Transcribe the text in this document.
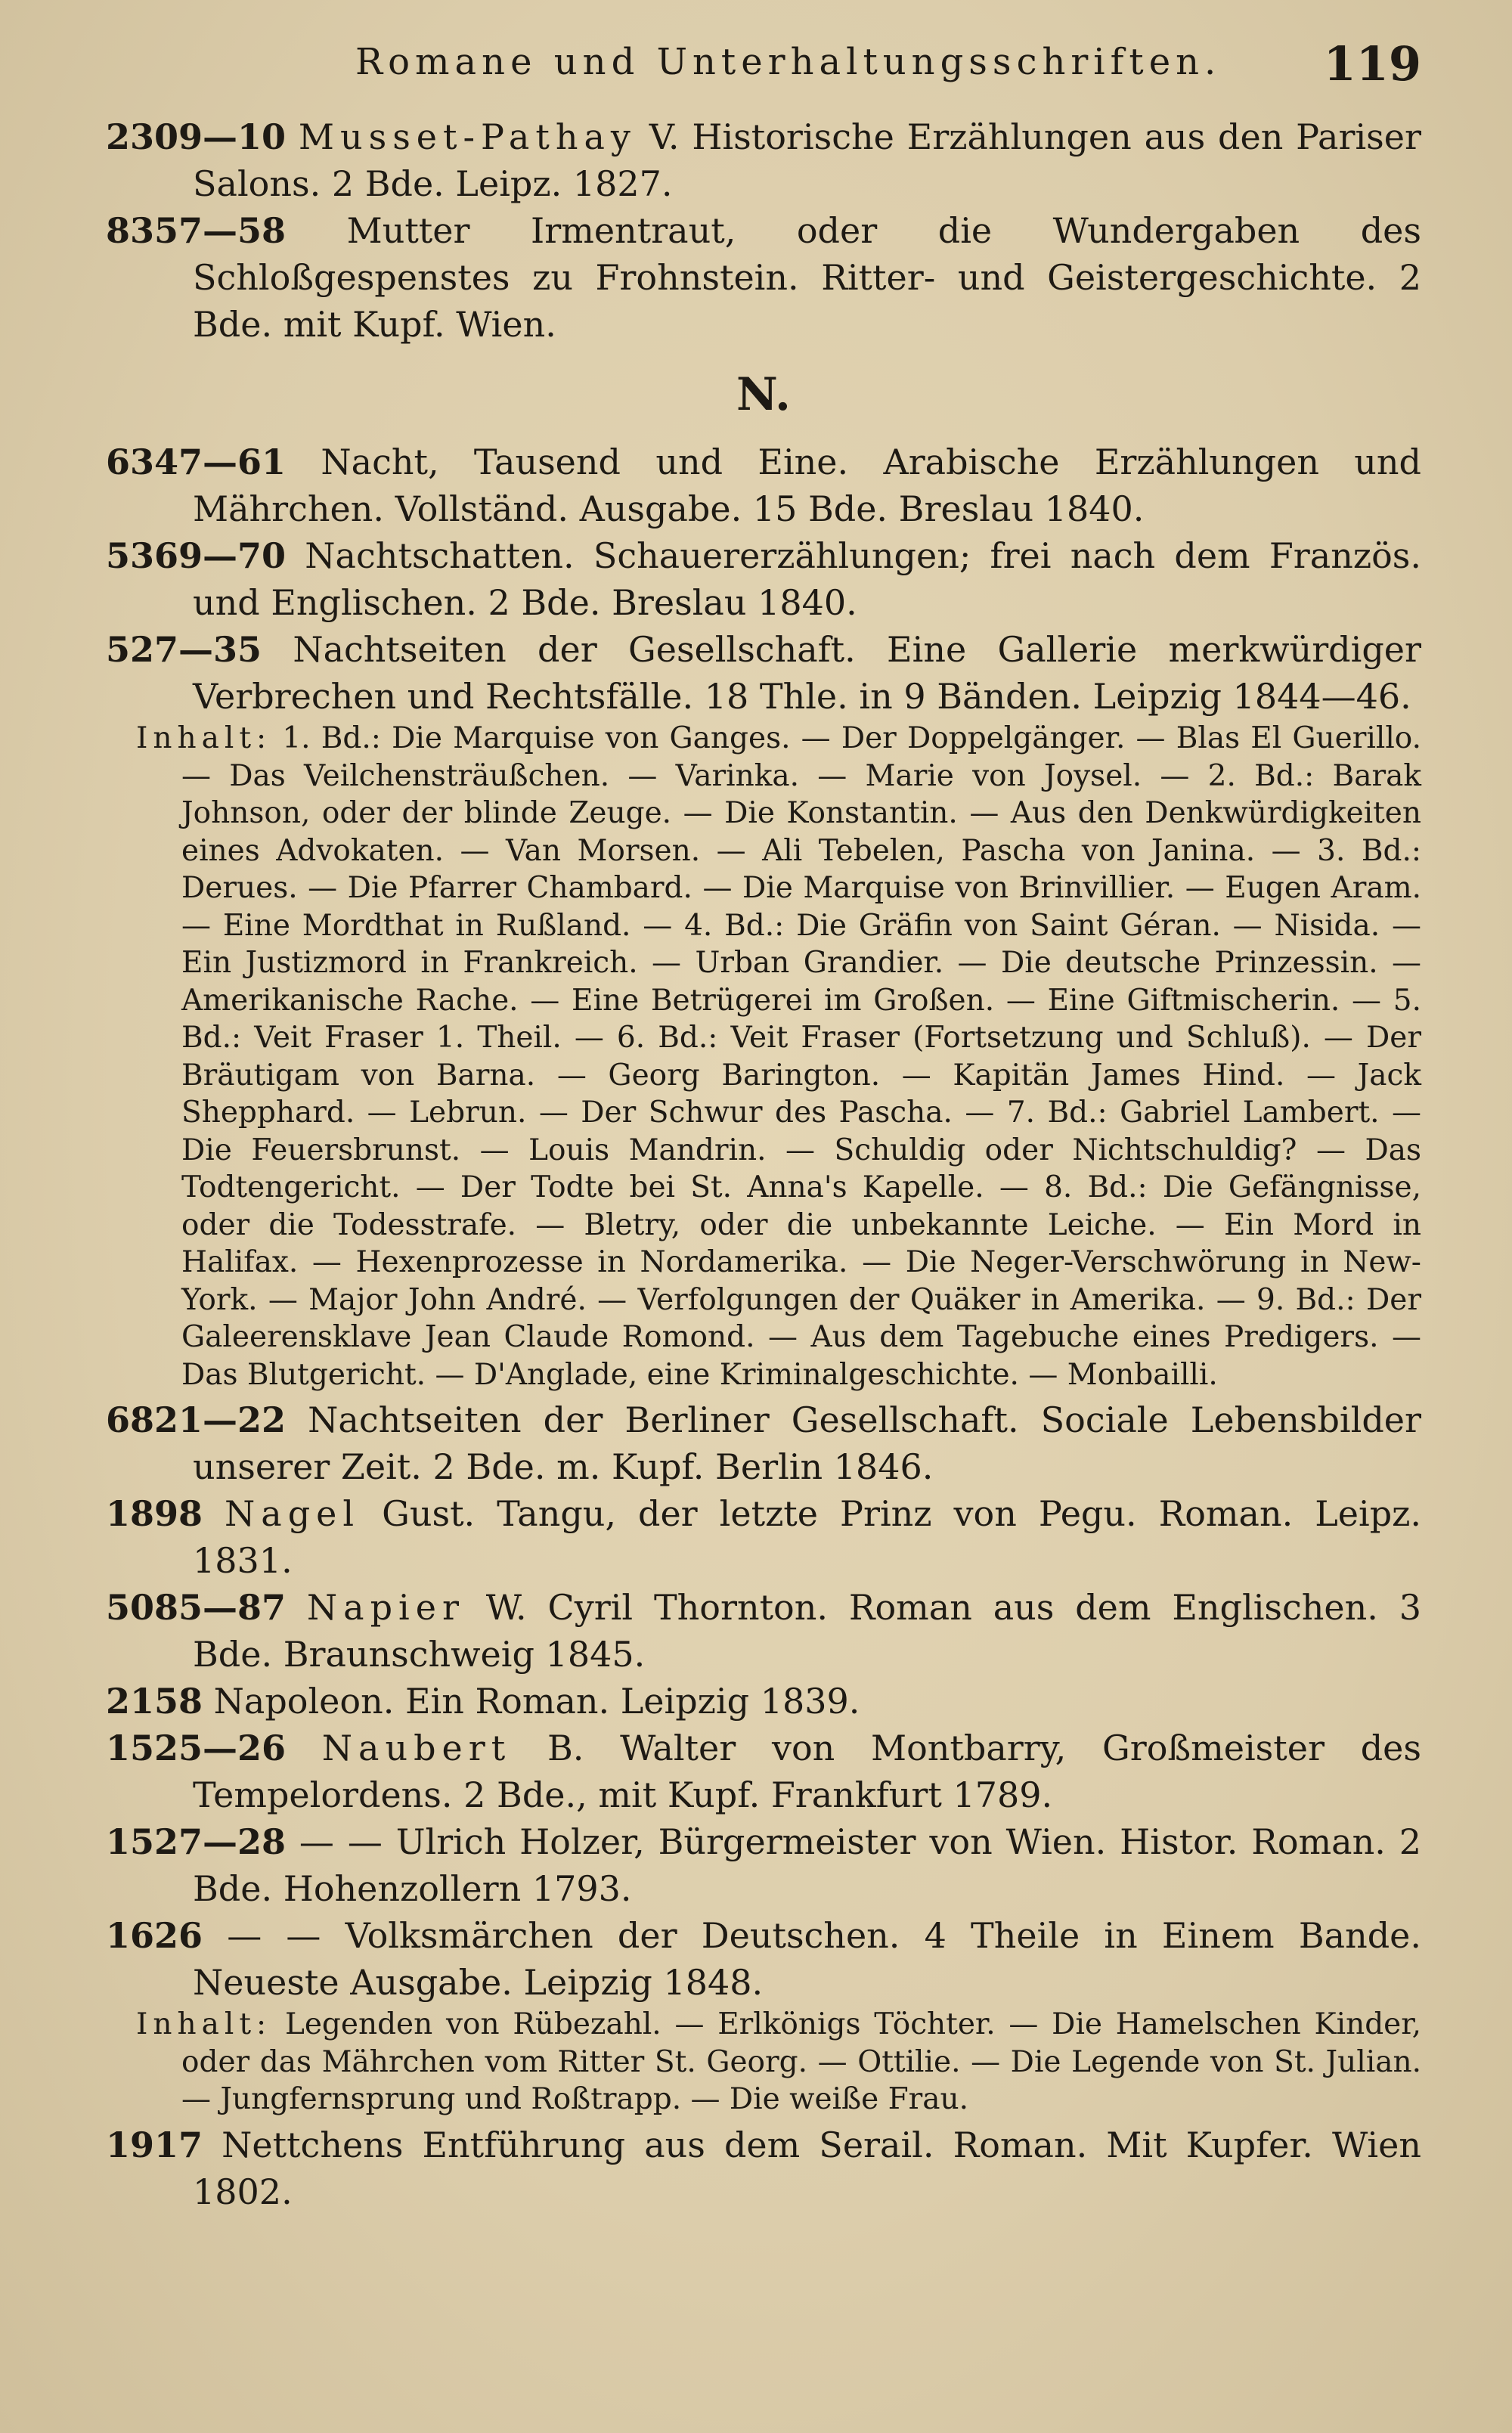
Romane und Unterhaltungsschriften. 119

2309—10 Musset-Pathay V. Historische Erzählungen aus den Pariser Salons. 2 Bde. Leipz. 1827.

8357—58 Mutter Irmentraut, oder die Wundergaben des Schloßgespenstes zu Frohnstein. Ritter- und Geistergeschichte. 2 Bde. mit Kupf. Wien.

N.

6347—61 Nacht, Tausend und Eine. Arabische Erzählungen und Mährchen. Vollständ. Ausgabe. 15 Bde. Breslau 1840.

5369—70 Nachtschatten. Schauererzählungen; frei nach dem Französ. und Englischen. 2 Bde. Breslau 1840.

527—35 Nachtseiten der Gesellschaft. Eine Gallerie merkwürdiger Verbrechen und Rechtsfälle. 18 Thle. in 9 Bänden. Leipzig 1844—46.

Inhalt: 1. Bd.: Die Marquise von Ganges. — Der Doppelgänger. — Blas El Guerillo. — Das Veilchensträußchen. — Varinka. — Marie von Joysel. — 2. Bd.: Barak Johnson, oder der blinde Zeuge. — Die Konstantin. — Aus den Denkwürdigkeiten eines Advokaten. — Van Morsen. — Ali Tebelen, Pascha von Janina. — 3. Bd.: Derues. — Die Pfarrer Chambard. — Die Marquise von Brinvillier. — Eugen Aram. — Eine Mordthat in Rußland. — 4. Bd.: Die Gräfin von Saint Géran. — Nisida. — Ein Justizmord in Frankreich. — Urban Grandier. — Die deutsche Prinzessin. — Amerikanische Rache. — Eine Betrügerei im Großen. — Eine Giftmischerin. — 5. Bd.: Veit Fraser 1. Theil. — 6. Bd.: Veit Fraser (Fortsetzung und Schluß). — Der Bräutigam von Barna. — Georg Barington. — Kapitän James Hind. — Jack Shepphard. — Lebrun. — Der Schwur des Pascha. — 7. Bd.: Gabriel Lambert. — Die Feuersbrunst. — Louis Mandrin. — Schuldig oder Nichtschuldig? — Das Todtengericht. — Der Todte bei St. Anna's Kapelle. — 8. Bd.: Die Gefängnisse, oder die Todesstrafe. — Bletry, oder die unbekannte Leiche. — Ein Mord in Halifax. — Hexenprozesse in Nordamerika. — Die Neger-Verschwörung in New-York. — Major John André. — Verfolgungen der Quäker in Amerika. — 9. Bd.: Der Galeerensklave Jean Claude Romond. — Aus dem Tagebuche eines Predigers. — Das Blutgericht. — D'Anglade, eine Kriminalgeschichte. — Monbailli.

6821—22 Nachtseiten der Berliner Gesellschaft. Sociale Lebensbilder unserer Zeit. 2 Bde. m. Kupf. Berlin 1846.

1898 Nagel Gust. Tangu, der letzte Prinz von Pegu. Roman. Leipz. 1831.

5085—87 Napier W. Cyril Thornton. Roman aus dem Englischen. 3 Bde. Braunschweig 1845.

2158 Napoleon. Ein Roman. Leipzig 1839.

1525—26 Naubert B. Walter von Montbarry, Großmeister des Tempelordens. 2 Bde., mit Kupf. Frankfurt 1789.

1527—28 — — Ulrich Holzer, Bürgermeister von Wien. Histor. Roman. 2 Bde. Hohenzollern 1793.

1626 — — Volksmärchen der Deutschen. 4 Theile in Einem Bande. Neueste Ausgabe. Leipzig 1848.

Inhalt: Legenden von Rübezahl. — Erlkönigs Töchter. — Die Hamelschen Kinder, oder das Mährchen vom Ritter St. Georg. — Ottilie. — Die Legende von St. Julian. — Jungfernsprung und Roßtrapp. — Die weiße Frau.

1917 Nettchens Entführung aus dem Serail. Roman. Mit Kupfer. Wien 1802.
